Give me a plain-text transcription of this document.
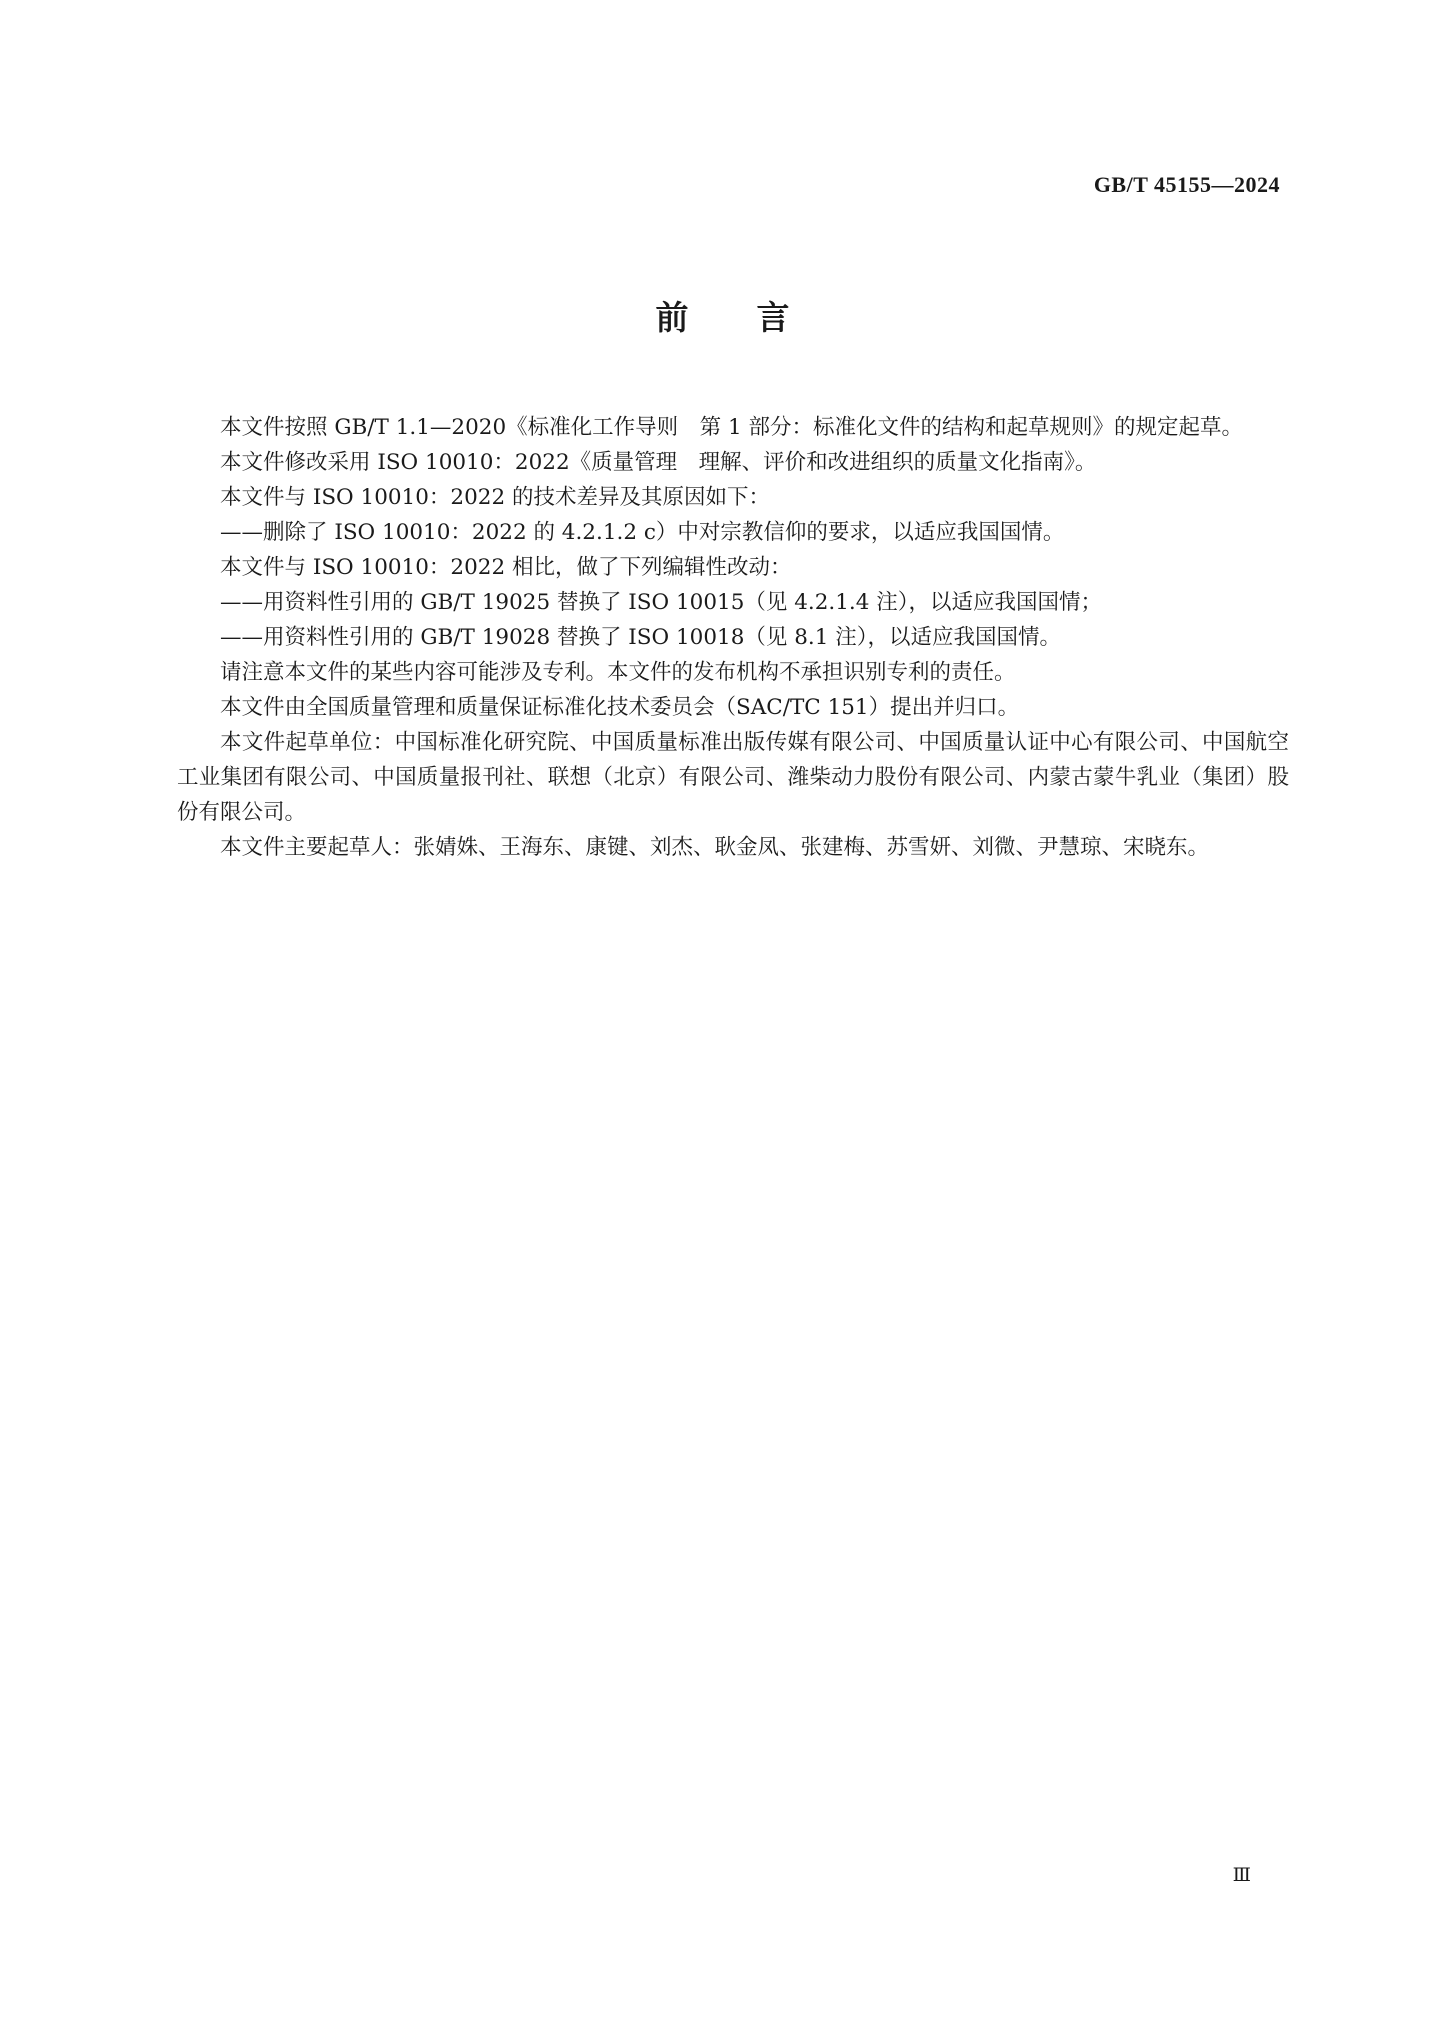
GB/T 45155—2024
前言

本文件按照 GB/T 1.1—2020《标准化工作导则　第 1 部分：标准化文件的结构和起草规则》的规定起草。

本文件修改采用 ISO 10010：2022《质量管理　理解、评价和改进组织的质量文化指南》。

本文件与 ISO 10010：2022 的技术差异及其原因如下：

——删除了 ISO 10010：2022 的 4.2.1.2 c）中对宗教信仰的要求，以适应我国国情。

本文件与 ISO 10010：2022 相比，做了下列编辑性改动：

——用资料性引用的 GB/T 19025 替换了 ISO 10015（见 4.2.1.4 注），以适应我国国情；

——用资料性引用的 GB/T 19028 替换了 ISO 10018（见 8.1 注），以适应我国国情。

请注意本文件的某些内容可能涉及专利。本文件的发布机构不承担识别专利的责任。

本文件由全国质量管理和质量保证标准化技术委员会（SAC/TC 151）提出并归口。

本文件起草单位：中国标准化研究院、中国质量标准出版传媒有限公司、中国质量认证中心有限公司、中国航空工业集团有限公司、中国质量报刊社、联想（北京）有限公司、潍柴动力股份有限公司、内蒙古蒙牛乳业（集团）股份有限公司。

本文件主要起草人：张婧姝、王海东、康键、刘杰、耿金凤、张建梅、苏雪妍、刘微、尹慧琼、宋晓东。

Ⅲ
